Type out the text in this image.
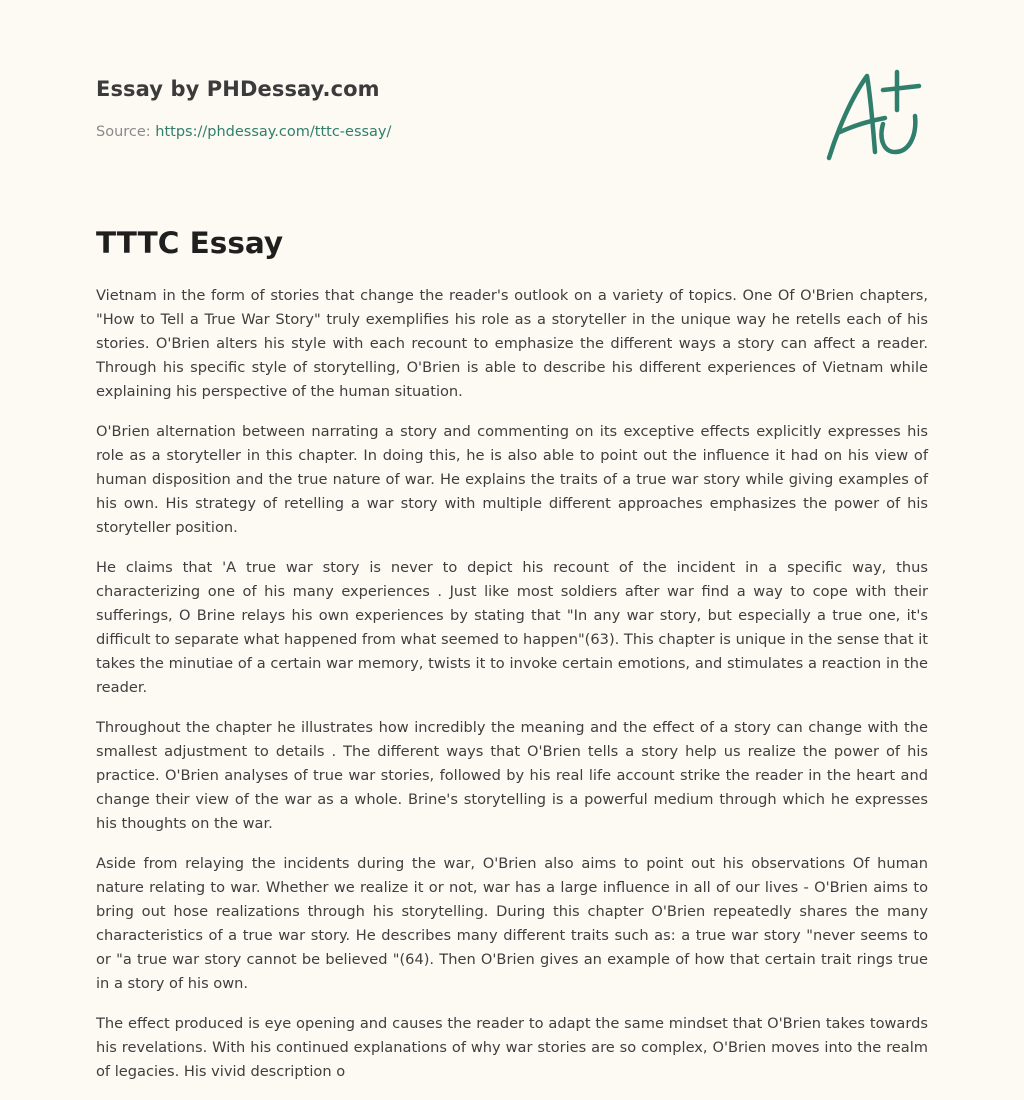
Essay by PHDessay.com
Source: https://phdessay.com/tttc-essay/
TTTC Essay

Vietnam in the form of stories that change the reader's outlook on a variety of topics. One Of O'Brien chapters, "How to Tell a True War Story" truly exemplifies his role as a storyteller in the unique way he retells each of his stories. O'Brien alters his style with each recount to emphasize the different ways a story can affect a reader. Through his specific style of storytelling, O'Brien is able to describe his different experiences of Vietnam while explaining his perspective of the human situation.

O'Brien alternation between narrating a story and commenting on its exceptive effects explicitly expresses his role as a storyteller in this chapter. In doing this, he is also able to point out the influence it had on his view of human disposition and the true nature of war. He explains the traits of a true war story while giving examples of his own. His strategy of retelling a war story with multiple different approaches emphasizes the power of his storyteller position.

He claims that 'A true war story is never to depict his recount of the incident in a specific way, thus characterizing one of his many experiences . Just like most soldiers after war find a way to cope with their sufferings, O Brine relays his own experiences by stating that "In any war story, but especially a true one, it's difficult to separate what happened from what seemed to happen"(63). This chapter is unique in the sense that it takes the minutiae of a certain war memory, twists it to invoke certain emotions, and stimulates a reaction in the reader.

Throughout the chapter he illustrates how incredibly the meaning and the effect of a story can change with the smallest adjustment to details . The different ways that O'Brien tells a story help us realize the power of his practice. O'Brien analyses of true war stories, followed by his real life account strike the reader in the heart and change their view of the war as a whole. Brine's storytelling is a powerful medium through which he expresses his thoughts on the war.

Aside from relaying the incidents during the war, O'Brien also aims to point out his observations Of human nature relating to war. Whether we realize it or not, war has a large influence in all of our lives - O'Brien aims to bring out hose realizations through his storytelling. During this chapter O'Brien repeatedly shares the many characteristics of a true war story. He describes many different traits such as: a true war story "never seems to or "a true war story cannot be believed "(64). Then O'Brien gives an example of how that certain trait rings true in a story of his own.

The effect produced is eye opening and causes the reader to adapt the same mindset that O'Brien takes towards his revelations. With his continued explanations of why war stories are so complex, O'Brien moves into the realm of legacies. His vivid description o
